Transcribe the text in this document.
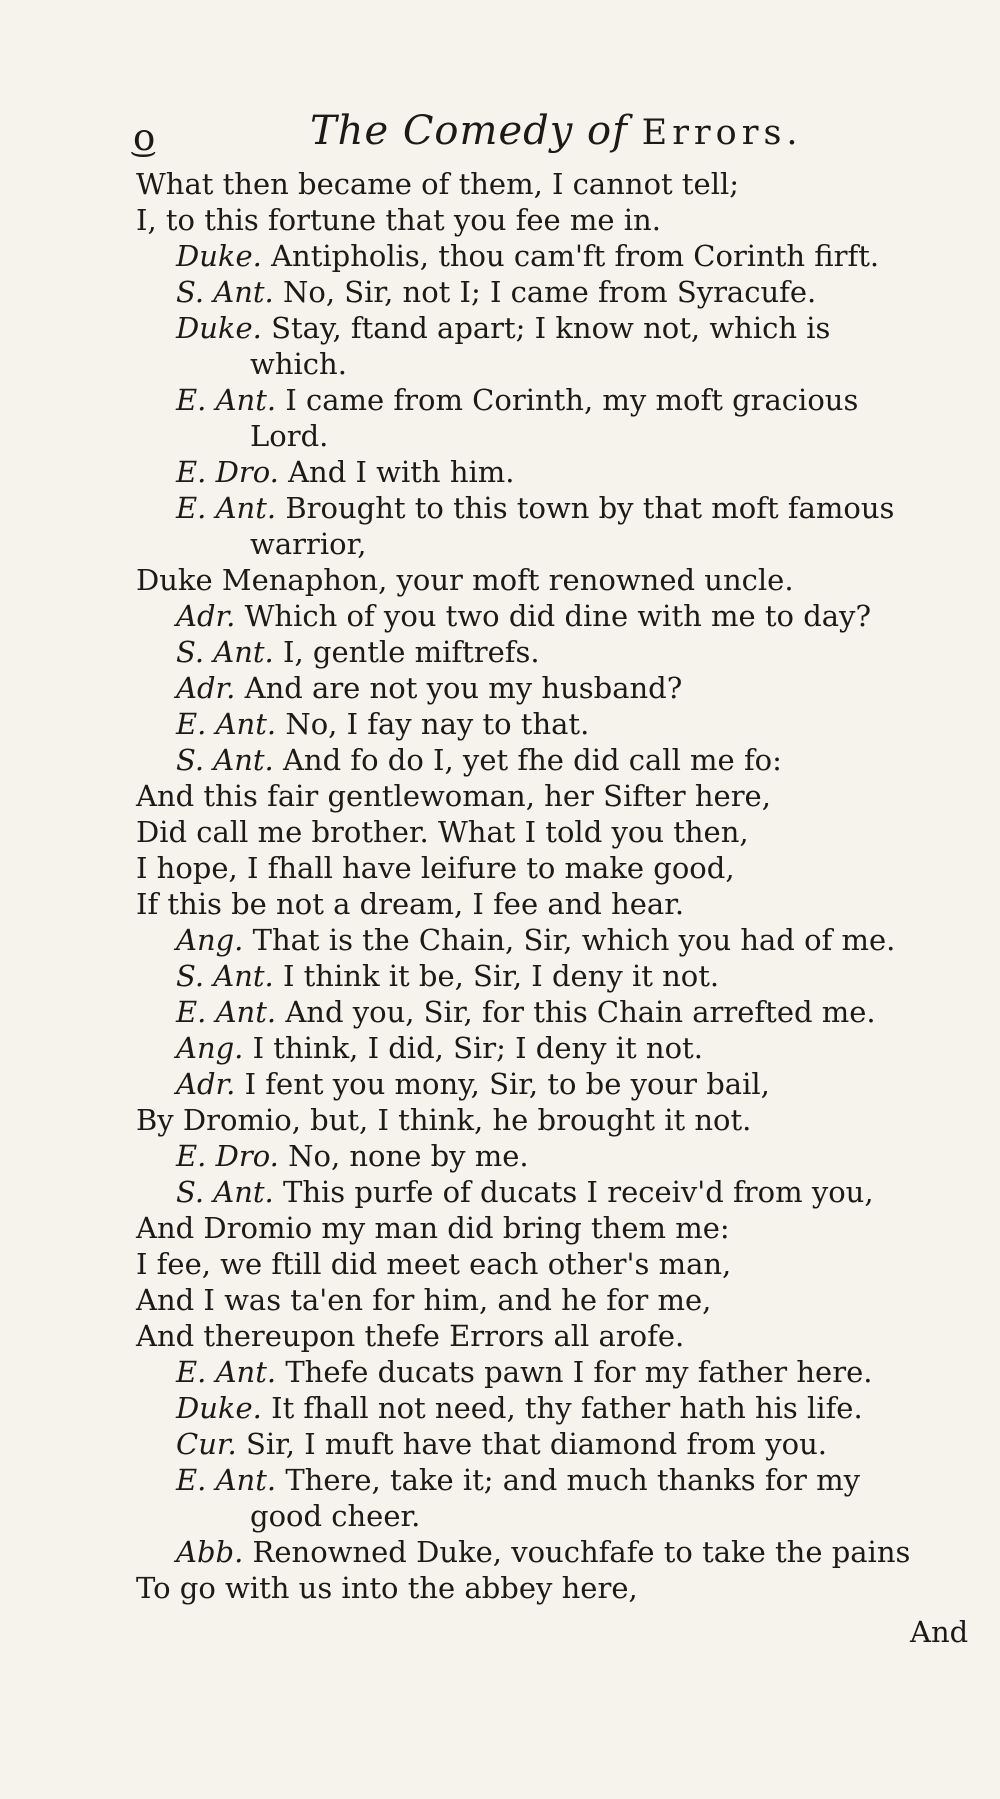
͜o	The Comedy of Errors.
What then became of them, I cannot tell;
I, to this fortune that you fee me in.
Duke. Antipholis, thou cam'ft from Corinth firft.
S. Ant. No, Sir, not I; I came from Syracufe.
Duke. Stay, ftand apart; I know not, which is
which.
E. Ant. I came from Corinth, my moft gracious
Lord.
E. Dro. And I with him.
E. Ant. Brought to this town by that moft famous
warrior,
Duke Menaphon, your moft renowned uncle.
Adr. Which of you two did dine with me to day?
S. Ant. I, gentle miftrefs.
Adr. And are not you my husband?
E. Ant. No, I fay nay to that.
S. Ant. And fo do I, yet fhe did call me fo:
And this fair gentlewoman, her Sifter here,
Did call me brother. What I told you then,
I hope, I fhall have leifure to make good,
If this be not a dream, I fee and hear.
Ang. That is the Chain, Sir, which you had of me.
S. Ant. I think it be, Sir, I deny it not.
E. Ant. And you, Sir, for this Chain arrefted me.
Ang. I think, I did, Sir; I deny it not.
Adr. I fent you mony, Sir, to be your bail,
By Dromio, but, I think, he brought it not.
E. Dro. No, none by me.
S. Ant. This purfe of ducats I receiv'd from you,
And Dromio my man did bring them me:
I fee, we ftill did meet each other's man,
And I was ta'en for him, and he for me,
And thereupon thefe Errors all arofe.
E. Ant. Thefe ducats pawn I for my father here.
Duke. It fhall not need, thy father hath his life.
Cur. Sir, I muft have that diamond from you.
E. Ant. There, take it; and much thanks for my
good cheer.
Abb. Renowned Duke, vouchfafe to take the pains
To go with us into the abbey here,
And
